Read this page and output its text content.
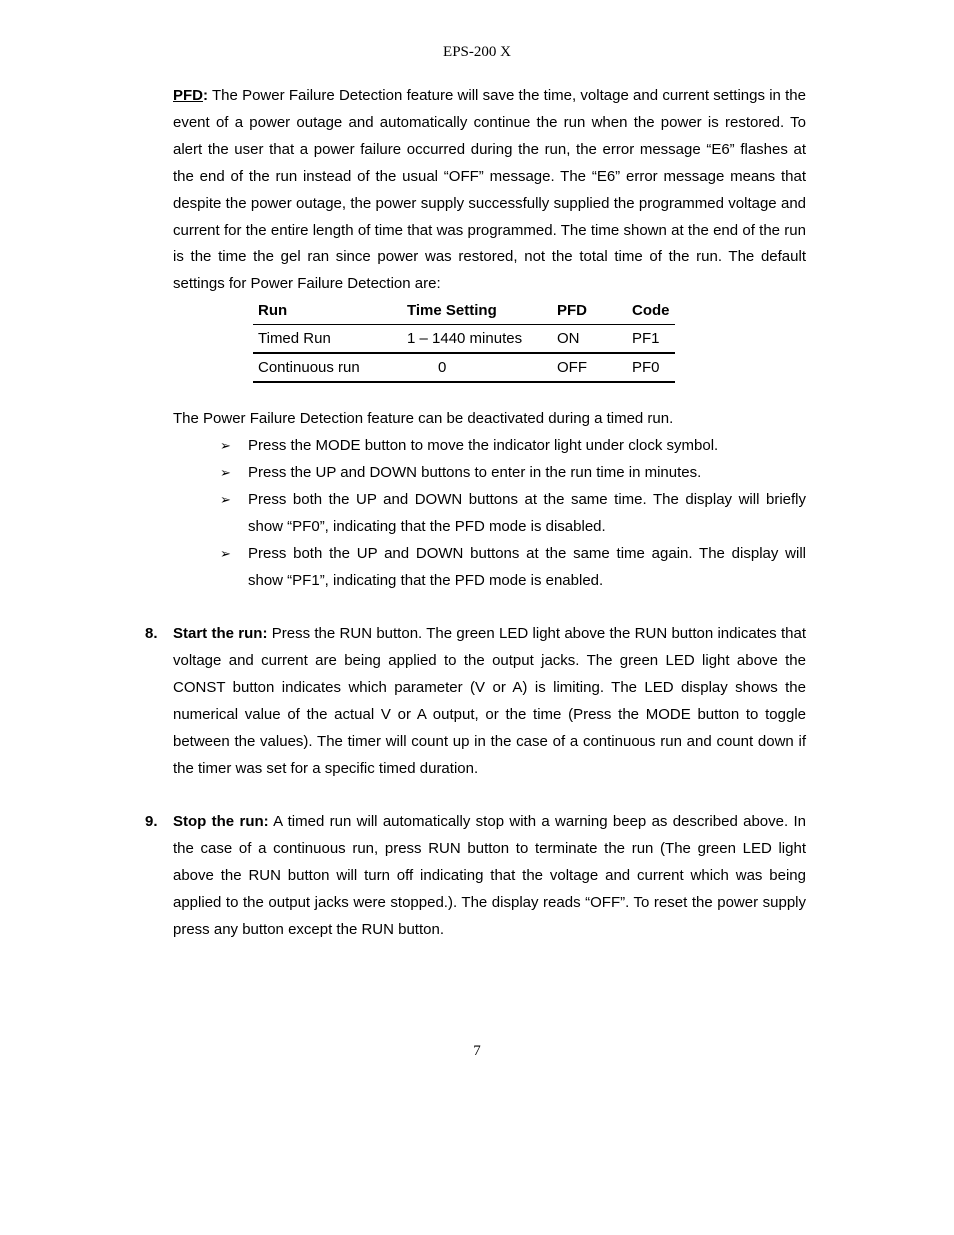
EPS-200 X

PFD: The Power Failure Detection feature will save the time, voltage and current settings in the event of a power outage and automatically continue the run when the power is restored. To alert the user that a power failure occurred during the run, the error message “E6” flashes at the end of the run instead of the usual “OFF” message. The “E6” error message means that despite the power outage, the power supply successfully supplied the programmed voltage and current for the entire length of time that was programmed. The time shown at the end of the run is the time the gel ran since power was restored, not the total time of the run. The default settings for Power Failure Detection are:

Run	Time Setting	PFD	Code
Timed Run	1 – 1440 minutes	ON	PF1
Continuous run	0	OFF	PF0

The Power Failure Detection feature can be deactivated during a timed run.

➢ Press the MODE button to move the indicator light under clock symbol.
➢ Press the UP and DOWN buttons to enter in the run time in minutes.
➢ Press both the UP and DOWN buttons at the same time. The display will briefly show “PF0”, indicating that the PFD mode is disabled.
➢ Press both the UP and DOWN buttons at the same time again. The display will show “PF1”, indicating that the PFD mode is enabled.
8. Start the run: Press the RUN button. The green LED light above the RUN button indicates that voltage and current are being applied to the output jacks. The green LED light above the CONST button indicates which parameter (V or A) is limiting. The LED display shows the numerical value of the actual V or A output, or the time (Press the MODE button to toggle between the values). The timer will count up in the case of a continuous run and count down if the timer was set for a specific timed duration.
9. Stop the run: A timed run will automatically stop with a warning beep as described above. In the case of a continuous run, press RUN button to terminate the run (The green LED light above the RUN button will turn off indicating that the voltage and current which was being applied to the output jacks were stopped.). The display reads “OFF”. To reset the power supply press any button except the RUN button.
7
